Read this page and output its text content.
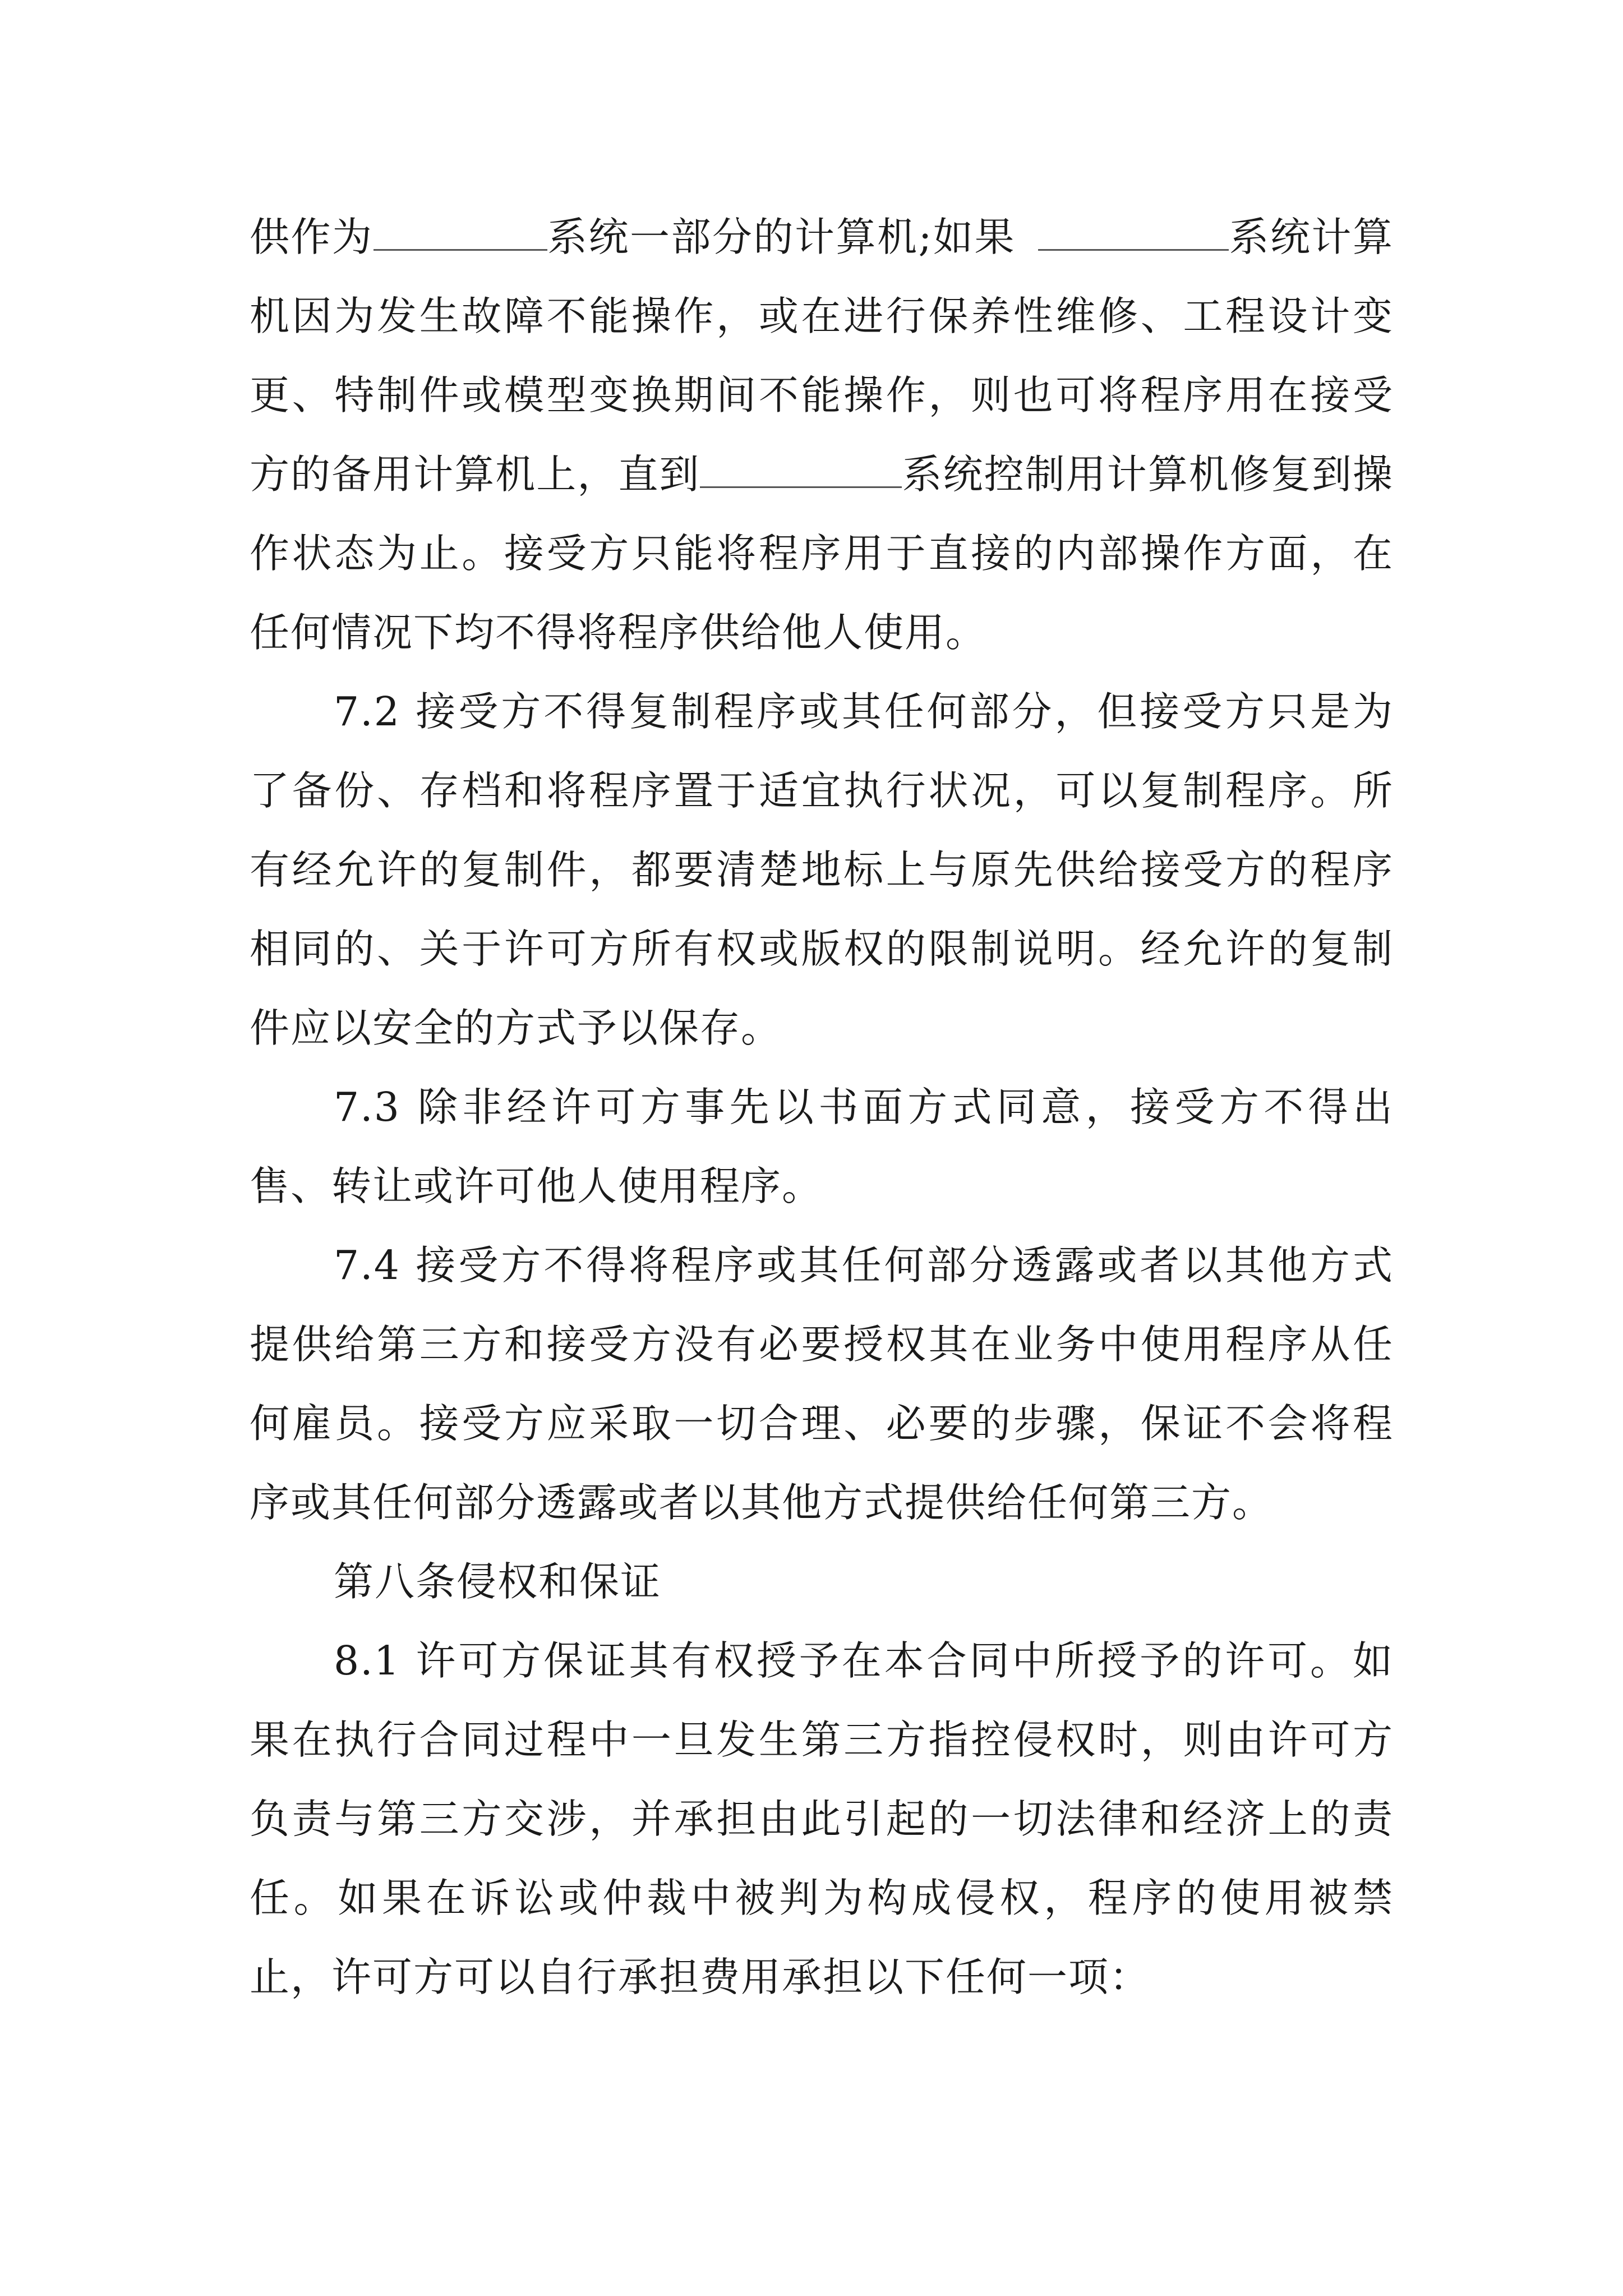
供作为	系统一部分的计算机;如果	系统计算机因为发生故障不能操作，或在进行保养性维修、工程设计变更、特制件或模型变换期间不能操作，则也可将程序用在接受方的备用计算机上，直到	系统控制用计算机修复到操作状态为止。接受方只能将程序用于直接的内部操作方面，在任何情况下均不得将程序供给他人使用。

7.2 接受方不得复制程序或其任何部分，但接受方只是为了备份、存档和将程序置于适宜执行状况，可以复制程序。所有经允许的复制件，都要清楚地标上与原先供给接受方的程序相同的、关于许可方所有权或版权的限制说明。经允许的复制件应以安全的方式予以保存。

7.3 除非经许可方事先以书面方式同意，接受方不得出售、转让或许可他人使用程序。

7.4 接受方不得将程序或其任何部分透露或者以其他方式提供给第三方和接受方没有必要授权其在业务中使用程序从任何雇员。接受方应采取一切合理、必要的步骤，保证不会将程序或其任何部分透露或者以其他方式提供给任何第三方。

第八条侵权和保证

8.1 许可方保证其有权授予在本合同中所授予的许可。如果在执行合同过程中一旦发生第三方指控侵权时，则由许可方负责与第三方交涉，并承担由此引起的一切法律和经济上的责任。如果在诉讼或仲裁中被判为构成侵权，程序的使用被禁止，许可方可以自行承担费用承担以下任何一项：
